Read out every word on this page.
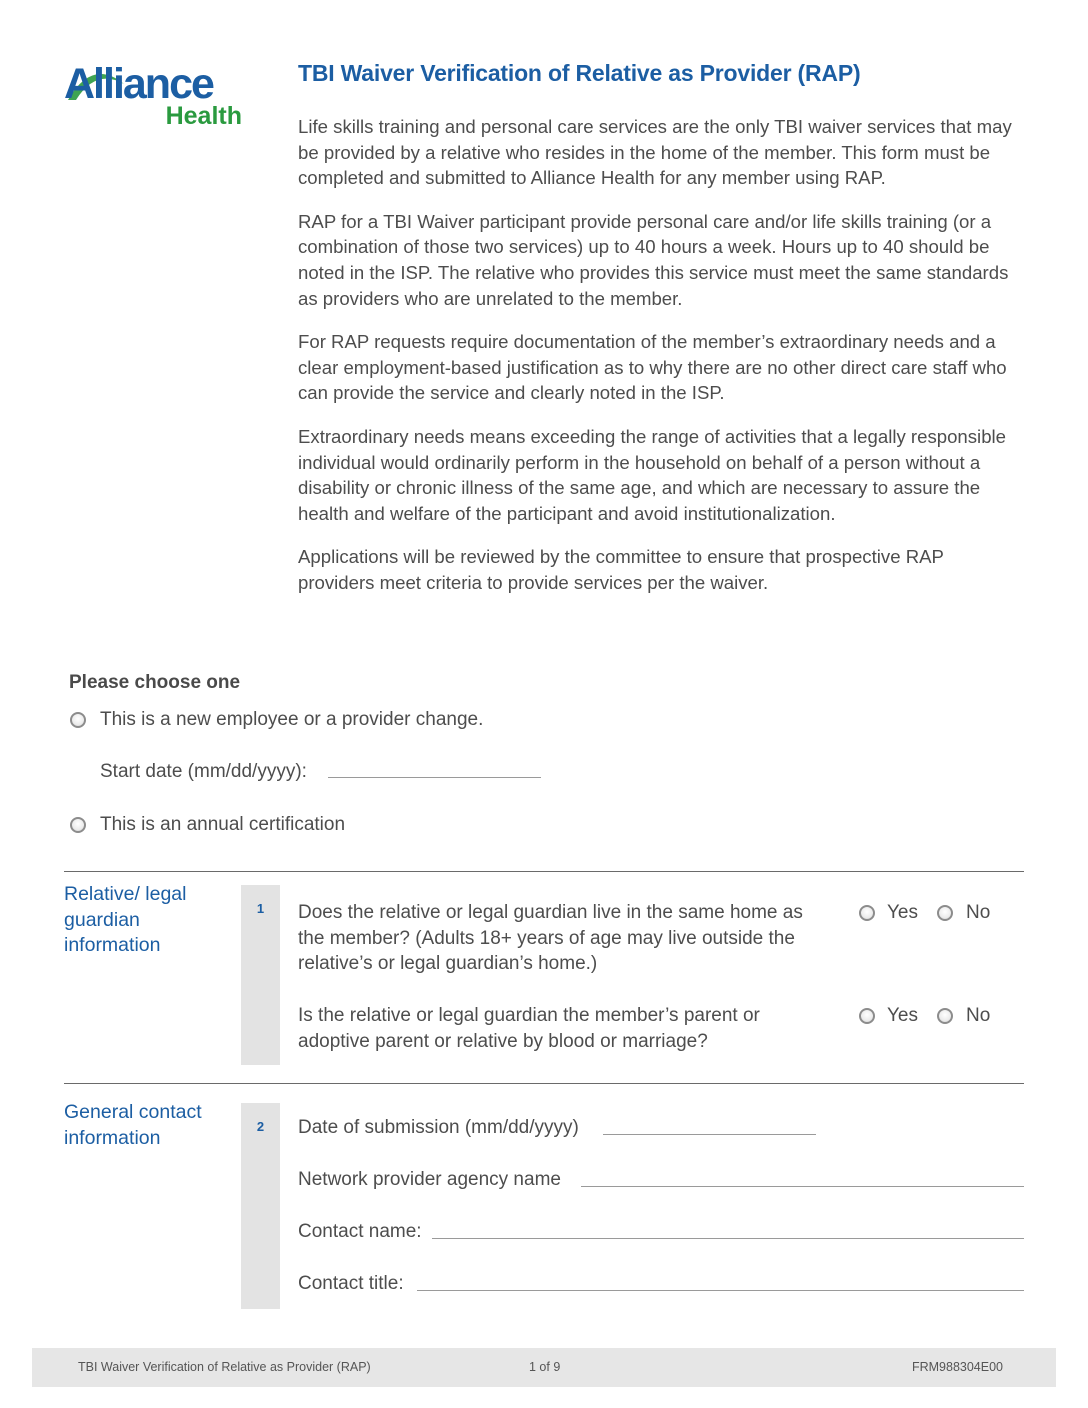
Alliance
Health
TBI Waiver Verification of Relative as Provider (RAP)

Life skills training and personal care services are the only TBI waiver services that may be provided by a relative who resides in the home of the member. This form must be completed and submitted to Alliance Health for any member using RAP.

RAP for a TBI Waiver participant provide personal care and/or life skills training (or a combination of those two services) up to 40 hours a week. Hours up to 40 should be noted in the ISP. The relative who provides this service must meet the same standards as providers who are unrelated to the member.

For RAP requests require documentation of the member’s extraordinary needs and a clear employment-based justification as to why there are no other direct care staff who can provide the service and clearly noted in the ISP.

Extraordinary needs means exceeding the range of activities that a legally responsible individual would ordinarily perform in the household on behalf of a person without a disability or chronic illness of the same age, and which are necessary to assure the health and welfare of the participant and avoid institutionalization.

Applications will be reviewed by the committee to ensure that prospective RAP providers meet criteria to provide services per the waiver.

Please choose one
This is a new employee or a provider change.
Start date (mm/dd/yyyy):
This is an annual certification
Relative/ legal guardian information
1	Does the relative or legal guardian live in the same home as the member? (Adults 18+ years of age may live outside the relative’s or legal guardian’s home.)
Yes	No
Is the relative or legal guardian the member’s parent or adoptive parent or relative by blood or marriage?
Yes	No
General contact information	2	Date of submission (mm/dd/yyyy)
Network provider agency name
Contact name:
Contact title:
TBI Waiver Verification of Relative as Provider (RAP)	1 of 9	FRM988304E00
